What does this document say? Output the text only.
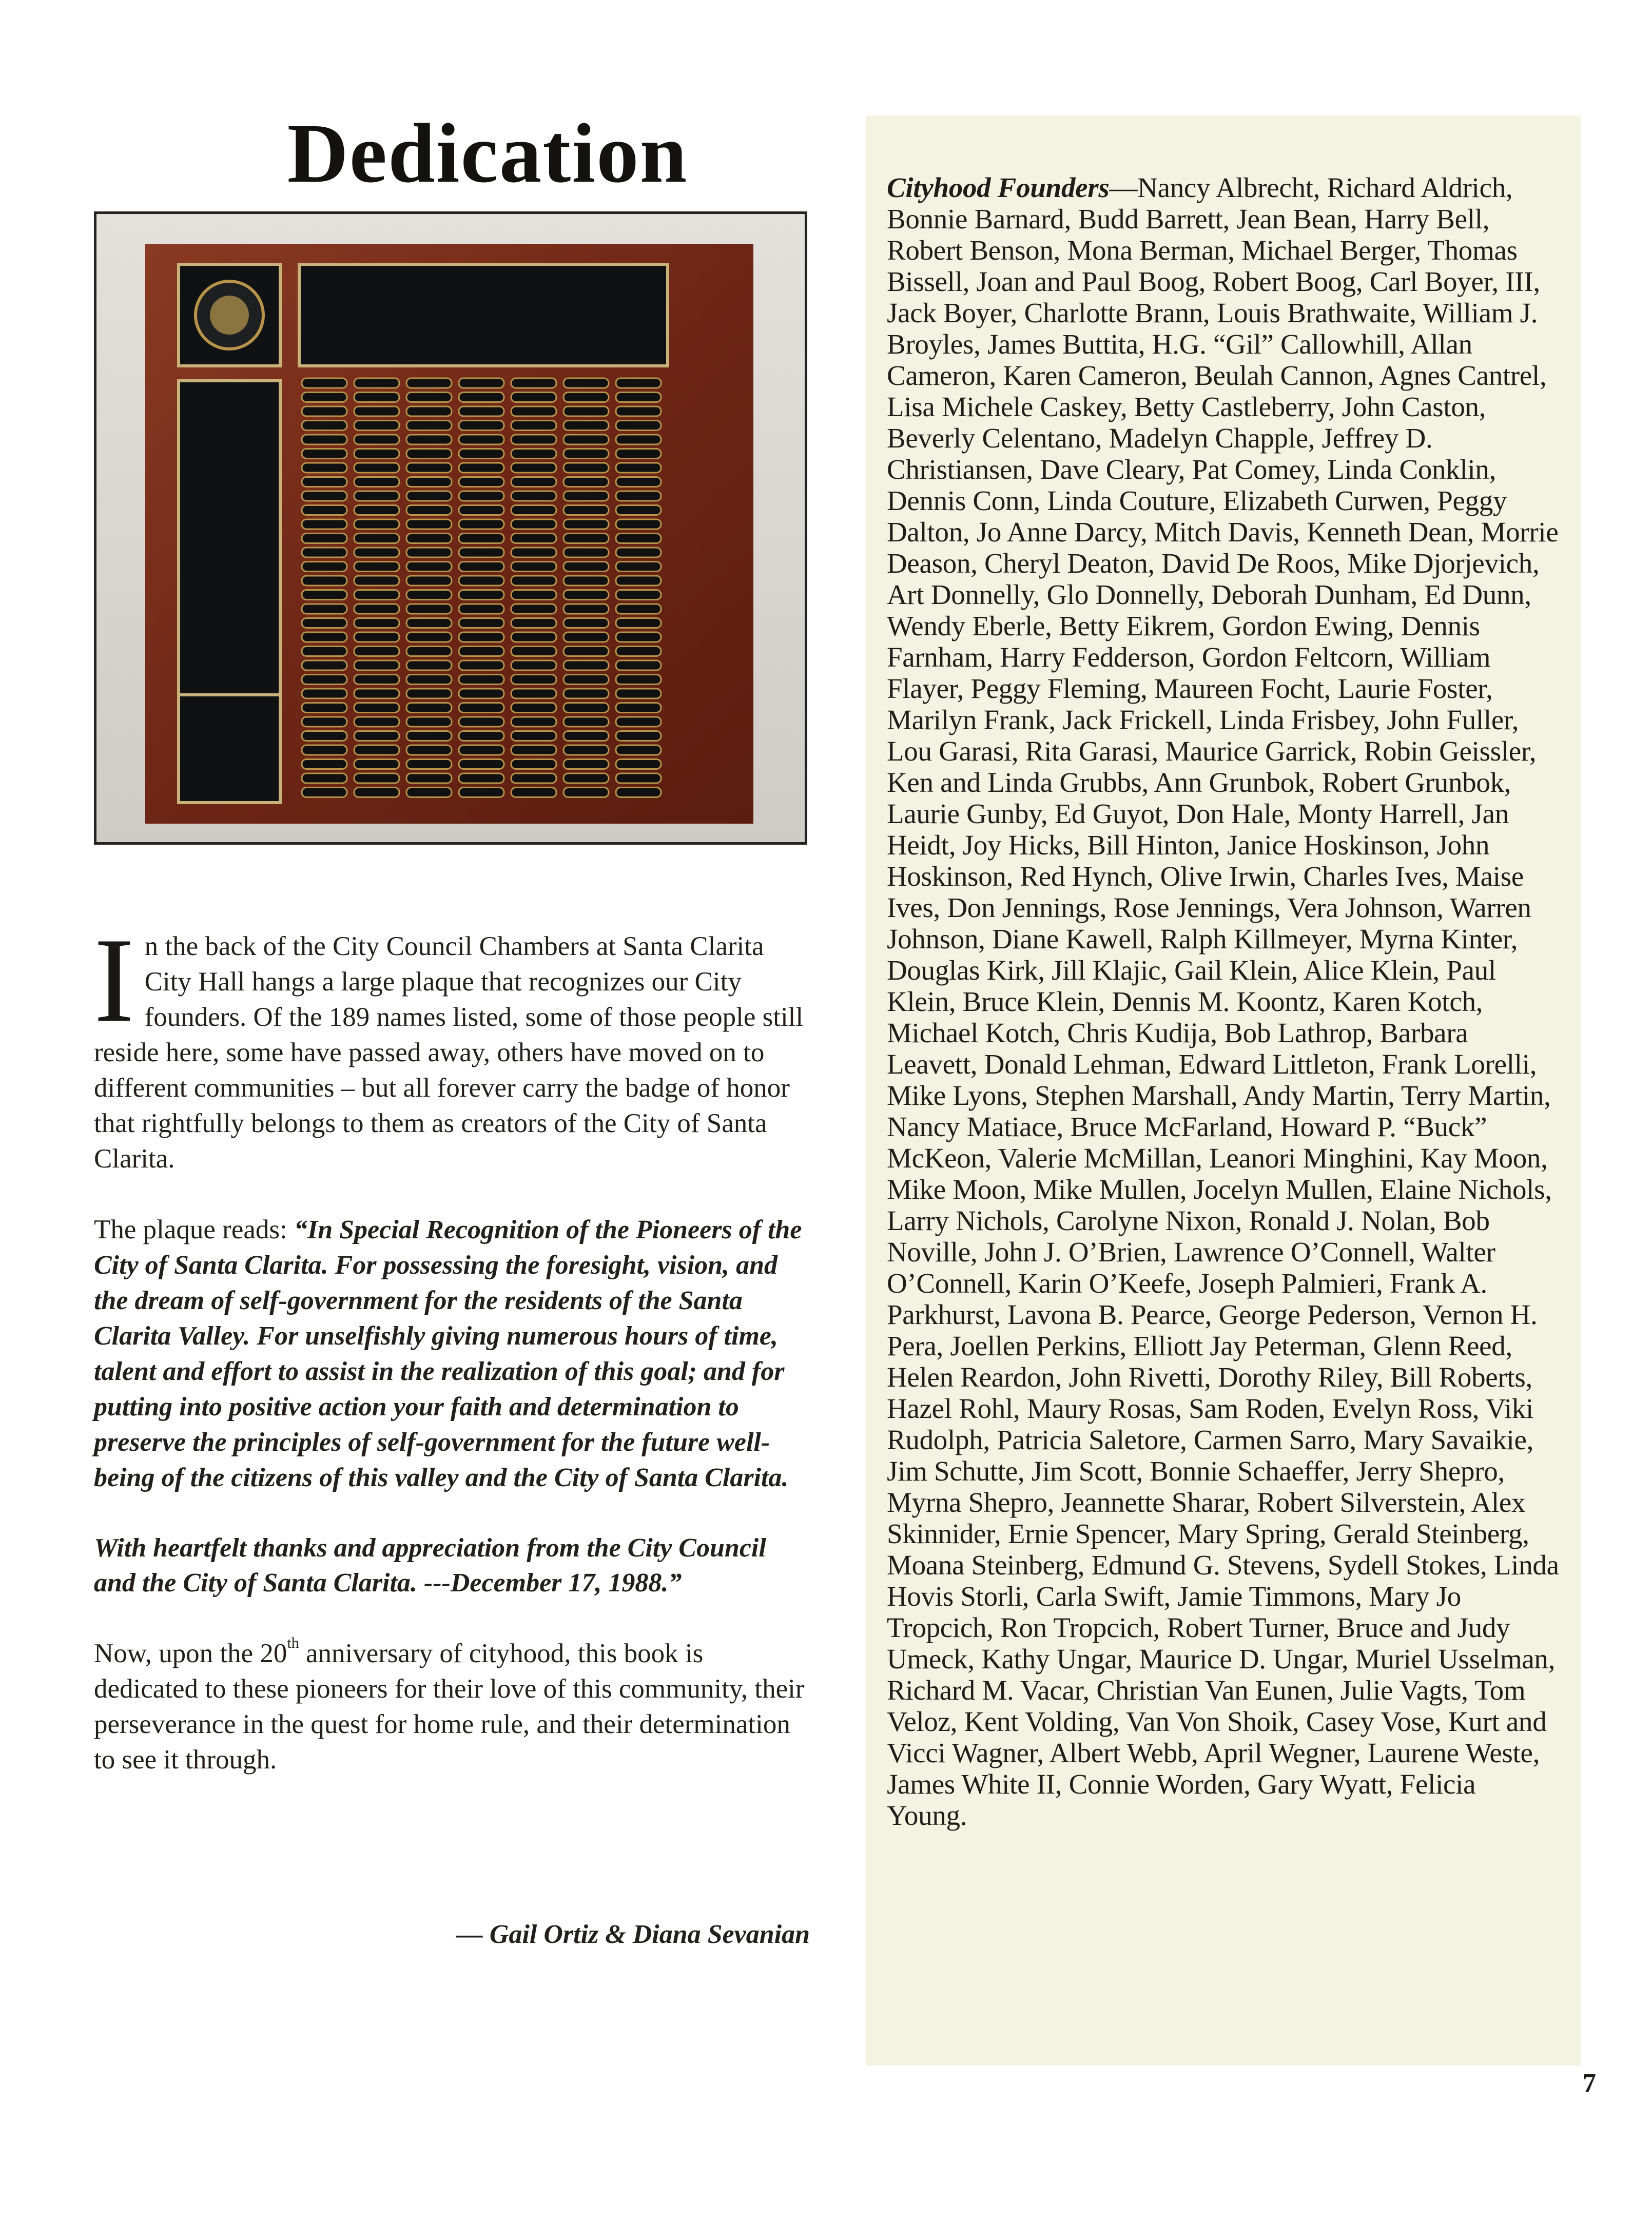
Dedication

In the back of the City Council Chambers at Santa Clarita City Hall hangs a large plaque that recognizes our City founders. Of the 189 names listed, some of those people still reside here, some have passed away, others have moved on to different communities – but all forever carry the badge of honor that rightfully belongs to them as creators of the City of Santa Clarita.

The plaque reads: “In Special Recognition of the Pioneers of the City of Santa Clarita. For possessing the foresight, vision, and the dream of self-government for the residents of the Santa Clarita Valley. For unselfishly giving numerous hours of time, talent and effort to assist in the realization of this goal; and for putting into positive action your faith and determination to preserve the principles of self-government for the future well-being of the citizens of this valley and the City of Santa Clarita.

With heartfelt thanks and appreciation from the City Council and the City of Santa Clarita. ---December 17, 1988.”

Now, upon the 20th anniversary of cityhood, this book is dedicated to these pioneers for their love of this community, their perseverance in the quest for home rule, and their determination to see it through.

— Gail Ortiz & Diana Sevanian

Cityhood Founders—Nancy Albrecht, Richard Aldrich, Bonnie Barnard, Budd Barrett, Jean Bean, Harry Bell, Robert Benson, Mona Berman, Michael Berger, Thomas Bissell, Joan and Paul Boog, Robert Boog, Carl Boyer, III, Jack Boyer, Charlotte Brann, Louis Brathwaite, William J. Broyles, James Buttita, H.G. “Gil” Callowhill, Allan Cameron, Karen Cameron, Beulah Cannon, Agnes Cantrel, Lisa Michele Caskey, Betty Castleberry, John Caston, Beverly Celentano, Madelyn Chapple, Jeffrey D. Christiansen, Dave Cleary, Pat Comey, Linda Conklin, Dennis Conn, Linda Couture, Elizabeth Curwen, Peggy Dalton, Jo Anne Darcy, Mitch Davis, Kenneth Dean, Morrie Deason, Cheryl Deaton, David De Roos, Mike Djorjevich, Art Donnelly, Glo Donnelly, Deborah Dunham, Ed Dunn, Wendy Eberle, Betty Eikrem, Gordon Ewing, Dennis Farnham, Harry Fedderson, Gordon Feltcorn, William Flayer, Peggy Fleming, Maureen Focht, Laurie Foster, Marilyn Frank, Jack Frickell, Linda Frisbey, John Fuller, Lou Garasi, Rita Garasi, Maurice Garrick, Robin Geissler, Ken and Linda Grubbs, Ann Grunbok, Robert Grunbok, Laurie Gunby, Ed Guyot, Don Hale, Monty Harrell, Jan Heidt, Joy Hicks, Bill Hinton, Janice Hoskinson, John Hoskinson, Red Hynch, Olive Irwin, Charles Ives, Maise Ives, Don Jennings, Rose Jennings, Vera Johnson, Warren Johnson, Diane Kawell, Ralph Killmeyer, Myrna Kinter, Douglas Kirk, Jill Klajic, Gail Klein, Alice Klein, Paul Klein, Bruce Klein, Dennis M. Koontz, Karen Kotch, Michael Kotch, Chris Kudija, Bob Lathrop, Barbara Leavett, Donald Lehman, Edward Littleton, Frank Lorelli, Mike Lyons, Stephen Marshall, Andy Martin, Terry Martin, Nancy Matiace, Bruce McFarland, Howard P. “Buck” McKeon, Valerie McMillan, Leanori Minghini, Kay Moon, Mike Moon, Mike Mullen, Jocelyn Mullen, Elaine Nichols, Larry Nichols, Carolyne Nixon, Ronald J. Nolan, Bob Noville, John J. O’Brien, Lawrence O’Connell, Walter O’Connell, Karin O’Keefe, Joseph Palmieri, Frank A. Parkhurst, Lavona B. Pearce, George Pederson, Vernon H. Pera, Joellen Perkins, Elliott Jay Peterman, Glenn Reed, Helen Reardon, John Rivetti, Dorothy Riley, Bill Roberts, Hazel Rohl, Maury Rosas, Sam Roden, Evelyn Ross, Viki Rudolph, Patricia Saletore, Carmen Sarro, Mary Savaikie, Jim Schutte, Jim Scott, Bonnie Schaeffer, Jerry Shepro, Myrna Shepro, Jeannette Sharar, Robert Silverstein, Alex Skinnider, Ernie Spencer, Mary Spring, Gerald Steinberg, Moana Steinberg, Edmund G. Stevens, Sydell Stokes, Linda Hovis Storli, Carla Swift, Jamie Timmons, Mary Jo Tropcich, Ron Tropcich, Robert Turner, Bruce and Judy Umeck, Kathy Ungar, Maurice D. Ungar, Muriel Usselman, Richard M. Vacar, Christian Van Eunen, Julie Vagts, Tom Veloz, Kent Volding, Van Von Shoik, Casey Vose, Kurt and Vicci Wagner, Albert Webb, April Wegner, Laurene Weste, James White II, Connie Worden, Gary Wyatt, Felicia Young.

7
